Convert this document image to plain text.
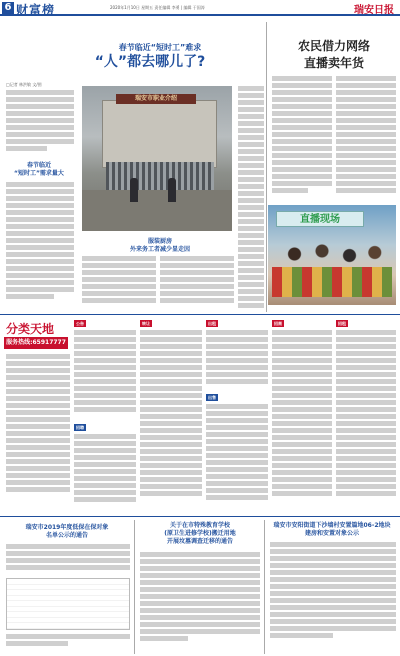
6 财富榜	2020年1月10日 星期五 责任编辑 李勇 | 编辑 于国涛	瑞安日报
春节临近“短时工”难求
“人”都去哪儿了?
□记者 林洪敏 文/图
春节临近
“短时工”需求量大
瑞安市职业介绍
服装厨房
外来务工者减少显走因
农民借力网络
直播卖年货
直播现场
分类天地
服务热线:65917777
公告
招聘
转让	出租
出售
招商	招租
瑞安市2019年度低保在保对象
名单公示的通告
关于在市特殊教育学校
(原卫生进修学校)搬迁用地
开展坟墓调查迁移的通告
瑞安市安阳街道下沙墙村安置篇地06-2地块
建房和安置对象公示
